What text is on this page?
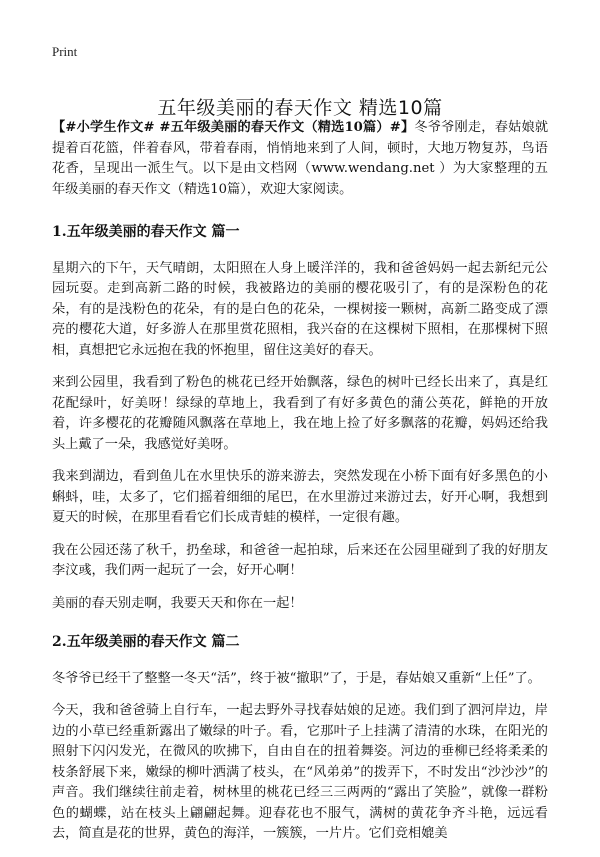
Print
五年级美丽的春天作文 精选10篇

【#小学生作文# #五年级美丽的春天作文（精选10篇）#】冬爷爷刚走，春姑娘就提着百花篮，伴着春风，带着春雨，悄悄地来到了人间，顿时，大地万物复苏，鸟语花香，呈现出一派生气。以下是由文档网（www.wendang.net ）为大家整理的五年级美丽的春天作文（精选10篇），欢迎大家阅读。

1.五年级美丽的春天作文 篇一

星期六的下午，天气晴朗，太阳照在人身上暖洋洋的，我和爸爸妈妈一起去新纪元公园玩耍。走到高新二路的时候，我被路边的美丽的樱花吸引了，有的是深粉色的花朵，有的是浅粉色的花朵，有的是白色的花朵，一棵树接一颗树，高新二路变成了漂亮的樱花大道，好多游人在那里赏花照相，我兴奋的在这棵树下照相，在那棵树下照相，真想把它永远抱在我的怀抱里，留住这美好的春天。

来到公园里，我看到了粉色的桃花已经开始飘落，绿色的树叶已经长出来了，真是红花配绿叶，好美呀！绿绿的草地上，我看到了有好多黄色的蒲公英花，鲜艳的开放着，许多樱花的花瓣随风飘落在草地上，我在地上捡了好多飘落的花瓣，妈妈还给我头上戴了一朵，我感觉好美呀。

我来到湖边，看到鱼儿在水里快乐的游来游去，突然发现在小桥下面有好多黑色的小蝌蚪，哇，太多了，它们摇着细细的尾巴，在水里游过来游过去，好开心啊，我想到夏天的时候，在那里看看它们长成青蛙的模样，一定很有趣。

我在公园还荡了秋千，扔垒球，和爸爸一起拍球，后来还在公园里碰到了我的好朋友李汶彧，我们两一起玩了一会，好开心啊！

美丽的春天别走啊，我要天天和你在一起！

2.五年级美丽的春天作文 篇二

冬爷爷已经干了整整一冬天“活”，终于被“撤职”了，于是，春姑娘又重新“上任”了。

今天，我和爸爸骑上自行车，一起去野外寻找春姑娘的足迹。我们到了泗河岸边，岸边的小草已经重新露出了嫩绿的叶子。看，它那叶子上挂满了清清的水珠，在阳光的照射下闪闪发光，在微风的吹拂下，自由自在的扭着舞姿。河边的垂柳已经将柔柔的枝条舒展下来，嫩绿的柳叶洒满了枝头，在“风弟弟”的拨弄下，不时发出“沙沙沙”的声音。我们继续往前走着，树林里的桃花已经三三两两的“露出了笑脸”，就像一群粉色的蝴蝶，站在枝头上翩翩起舞。迎春花也不服气，满树的黄花争齐斗艳，远远看去，简直是花的世界，黄色的海洋，一簇簇，一片片。它们竞相媲美
